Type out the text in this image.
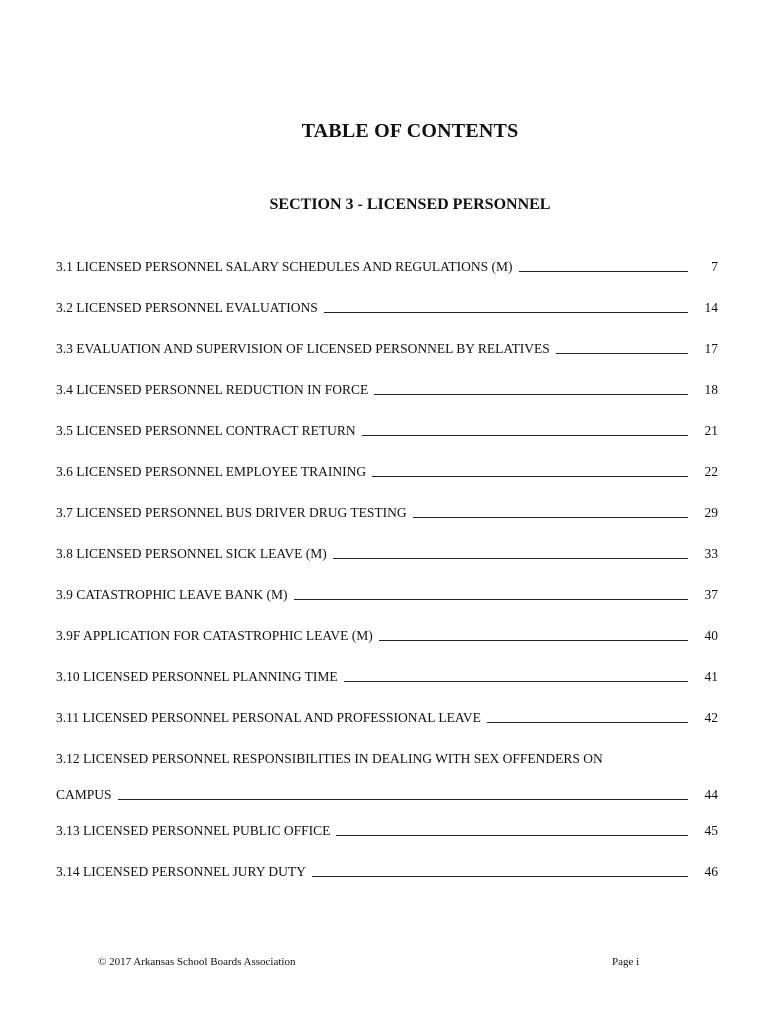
TABLE OF CONTENTS
SECTION 3 - LICENSED PERSONNEL
3.1 LICENSED PERSONNEL SALARY SCHEDULES AND REGULATIONS (M)	7
3.2 LICENSED PERSONNEL EVALUATIONS	14
3.3 EVALUATION AND SUPERVISION OF LICENSED PERSONNEL BY RELATIVES	17
3.4 LICENSED PERSONNEL REDUCTION IN FORCE	18
3.5 LICENSED PERSONNEL CONTRACT RETURN	21
3.6 LICENSED PERSONNEL EMPLOYEE TRAINING	22
3.7 LICENSED PERSONNEL BUS DRIVER DRUG TESTING	29
3.8 LICENSED PERSONNEL SICK LEAVE (M)	33
3.9 CATASTROPHIC LEAVE BANK (M)	37
3.9F APPLICATION FOR CATASTROPHIC LEAVE (M)	40
3.10 LICENSED PERSONNEL PLANNING TIME	41
3.11 LICENSED PERSONNEL PERSONAL AND PROFESSIONAL LEAVE	42
3.12 LICENSED PERSONNEL RESPONSIBILITIES IN DEALING WITH SEX OFFENDERS ON
CAMPUS	44
3.13 LICENSED PERSONNEL PUBLIC OFFICE	45
3.14 LICENSED PERSONNEL JURY DUTY	46
© 2017 Arkansas School Boards Association	Page i
